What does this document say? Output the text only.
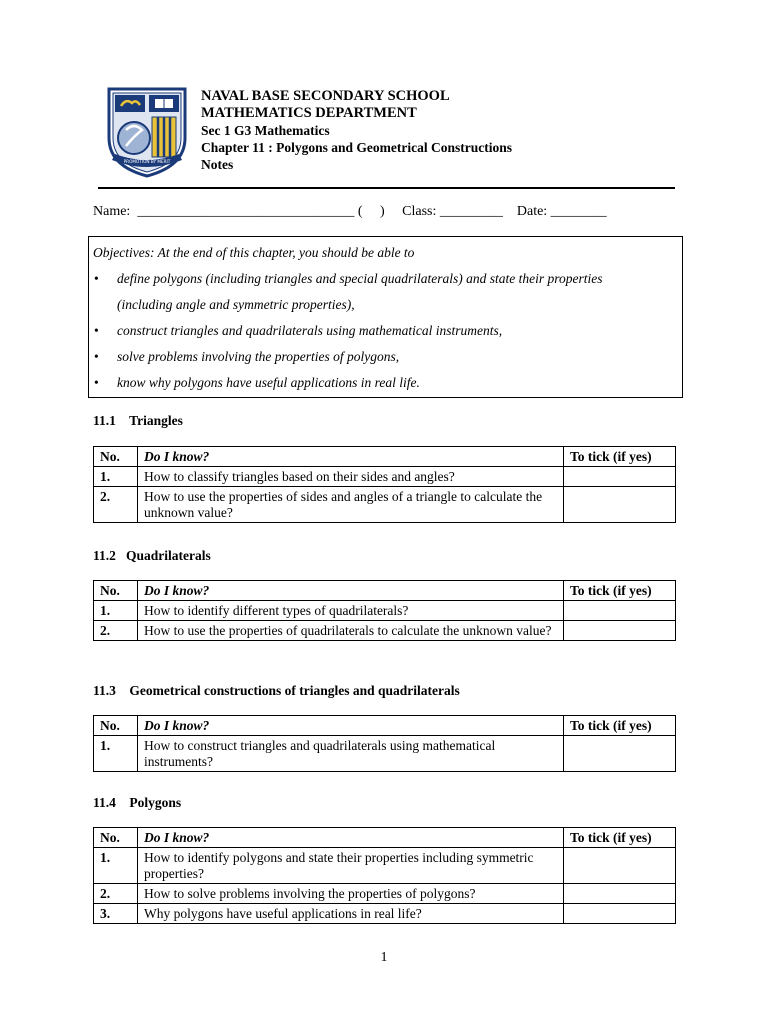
PROMOTION BY MERIT
NAVAL BASE SECONDARY SCHOOL
MATHEMATICS DEPARTMENT
Sec 1 G3 Mathematics
Chapter 11 : Polygons and Geometrical Constructions
Notes
Name:  _______________________________ (     )     Class: _________    Date: ________
Objectives: At the end of this chapter, you should be able to
• define polygons (including triangles and special quadrilaterals) and state their properties
(including angle and symmetric properties),
• construct triangles and quadrilaterals using mathematical instruments,
• solve problems involving the properties of polygons,
• know why polygons have useful applications in real life.
11.1    Triangles
No.	Do I know?	To tick (if yes)
1.	How to classify triangles based on their sides and angles?	
2.	How to use the properties of sides and angles of a triangle to calculate the unknown value?	
11.2   Quadrilaterals
No.	Do I know?	To tick (if yes)
1.	How to identify different types of quadrilaterals?	
2.	How to use the properties of quadrilaterals to calculate the unknown value?	
11.3    Geometrical constructions of triangles and quadrilaterals
No.	Do I know?	To tick (if yes)
1.	How to construct triangles and quadrilaterals using mathematical instruments?	
11.4    Polygons
No.	Do I know?	To tick (if yes)
1.	How to identify polygons and state their properties including symmetric properties?	
2.	How to solve problems involving the properties of polygons?	
3.	Why polygons have useful applications in real life?	
1
